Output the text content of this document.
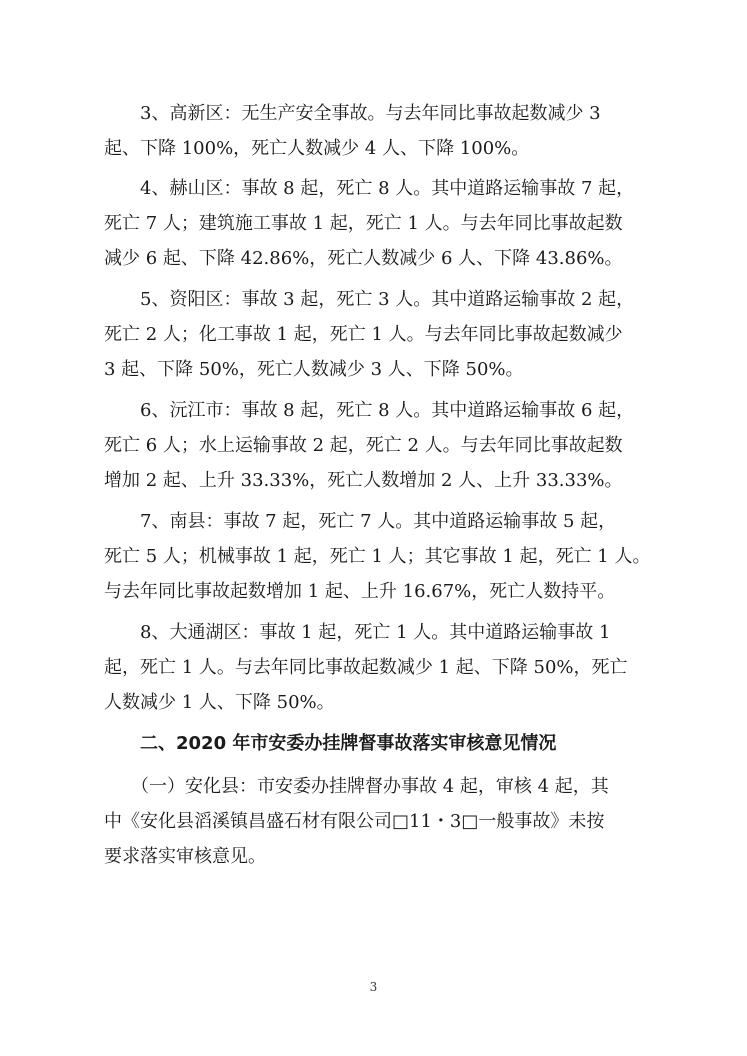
　　3、高新区：无生产安全事故。与去年同比事故起数减少 3
起、下降 100%，死亡人数减少 4 人、下降 100%。
　　4、赫山区：事故 8 起，死亡 8 人。其中道路运输事故 7 起，
死亡 7 人；建筑施工事故 1 起，死亡 1 人。与去年同比事故起数
减少 6 起、下降 42.86%，死亡人数减少 6 人、下降 43.86%。
　　5、资阳区：事故 3 起，死亡 3 人。其中道路运输事故 2 起，
死亡 2 人；化工事故 1 起，死亡 1 人。与去年同比事故起数减少
3 起、下降 50%，死亡人数减少 3 人、下降 50%。
　　6、沅江市：事故 8 起，死亡 8 人。其中道路运输事故 6 起，
死亡 6 人；水上运输事故 2 起，死亡 2 人。与去年同比事故起数
增加 2 起、上升 33.33%，死亡人数增加 2 人、上升 33.33%。
　　7、南县：事故 7 起，死亡 7 人。其中道路运输事故 5 起，
死亡 5 人；机械事故 1 起，死亡 1 人；其它事故 1 起，死亡 1 人。
与去年同比事故起数增加 1 起、上升 16.67%，死亡人数持平。
　　8、大通湖区：事故 1 起，死亡 1 人。其中道路运输事故 1
起，死亡 1 人。与去年同比事故起数减少 1 起、下降 50%，死亡
人数减少 1 人、下降 50%。
　　二、2020 年市安委办挂牌督事故落实审核意见情况
　　（一）安化县：市安委办挂牌督办事故 4 起，审核 4 起，其
中《安化县滔溪镇昌盛石材有限公司□11・3□一般事故》未按
要求落实审核意见。
3
